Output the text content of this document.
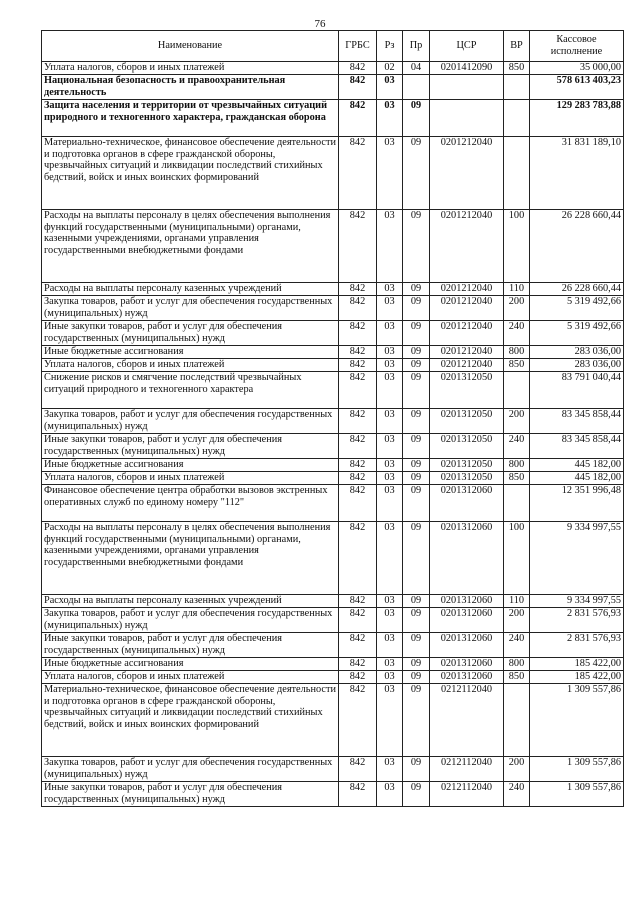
76
Наименование	ГРБС	Рз	Пр	ЦСР	ВР	Кассовое исполнение
Уплата налогов, сборов и иных платежей	842	02	04	0201412090	850	35 000,00
Национальная безопасность и правоохранительная деятельность	842	03				578 613 403,23
Защита населения и территории от чрезвычайных ситуаций природного и техногенного характера, гражданская оборона	842	03	09			129 283 783,88
Материально-техническое, финансовое обеспечение деятельности и подготовка органов в сфере гражданской обороны, чрезвычайных ситуаций и ликвидации последствий стихийных бедствий, войск и иных воинских формирований	842	03	09	0201212040		31 831 189,10
Расходы на выплаты персоналу в целях обеспечения выполнения функций государственными (муниципальными) органами, казенными учреждениями, органами управления государственными внебюджетными фондами	842	03	09	0201212040	100	26 228 660,44
Расходы на выплаты персоналу казенных учреждений	842	03	09	0201212040	110	26 228 660,44
Закупка товаров, работ и услуг для обеспечения государственных (муниципальных) нужд	842	03	09	0201212040	200	5 319 492,66
Иные закупки товаров, работ и услуг для обеспечения государственных (муниципальных) нужд	842	03	09	0201212040	240	5 319 492,66
Иные бюджетные ассигнования	842	03	09	0201212040	800	283 036,00
Уплата налогов, сборов и иных платежей	842	03	09	0201212040	850	283 036,00
Снижение рисков и смягчение последствий чрезвычайных ситуаций природного и техногенного характера	842	03	09	0201312050		83 791 040,44
Закупка товаров, работ и услуг для обеспечения государственных (муниципальных) нужд	842	03	09	0201312050	200	83 345 858,44
Иные закупки товаров, работ и услуг для обеспечения государственных (муниципальных) нужд	842	03	09	0201312050	240	83 345 858,44
Иные бюджетные ассигнования	842	03	09	0201312050	800	445 182,00
Уплата налогов, сборов и иных платежей	842	03	09	0201312050	850	445 182,00
Финансовое обеспечение центра обработки вызовов экстренных оперативных служб по единому номеру "112"	842	03	09	0201312060		12 351 996,48
Расходы на выплаты персоналу в целях обеспечения выполнения функций государственными (муниципальными) органами, казенными учреждениями, органами управления государственными внебюджетными фондами	842	03	09	0201312060	100	9 334 997,55
Расходы на выплаты персоналу казенных учреждений	842	03	09	0201312060	110	9 334 997,55
Закупка товаров, работ и услуг для обеспечения государственных (муниципальных) нужд	842	03	09	0201312060	200	2 831 576,93
Иные закупки товаров, работ и услуг для обеспечения государственных (муниципальных) нужд	842	03	09	0201312060	240	2 831 576,93
Иные бюджетные ассигнования	842	03	09	0201312060	800	185 422,00
Уплата налогов, сборов и иных платежей	842	03	09	0201312060	850	185 422,00
Материально-техническое, финансовое обеспечение деятельности и подготовка органов в сфере гражданской обороны, чрезвычайных ситуаций и ликвидации последствий стихийных бедствий, войск и иных воинских формирований	842	03	09	0212112040		1 309 557,86
Закупка товаров, работ и услуг для обеспечения государственных (муниципальных) нужд	842	03	09	0212112040	200	1 309 557,86
Иные закупки товаров, работ и услуг для обеспечения государственных (муниципальных) нужд	842	03	09	0212112040	240	1 309 557,86
